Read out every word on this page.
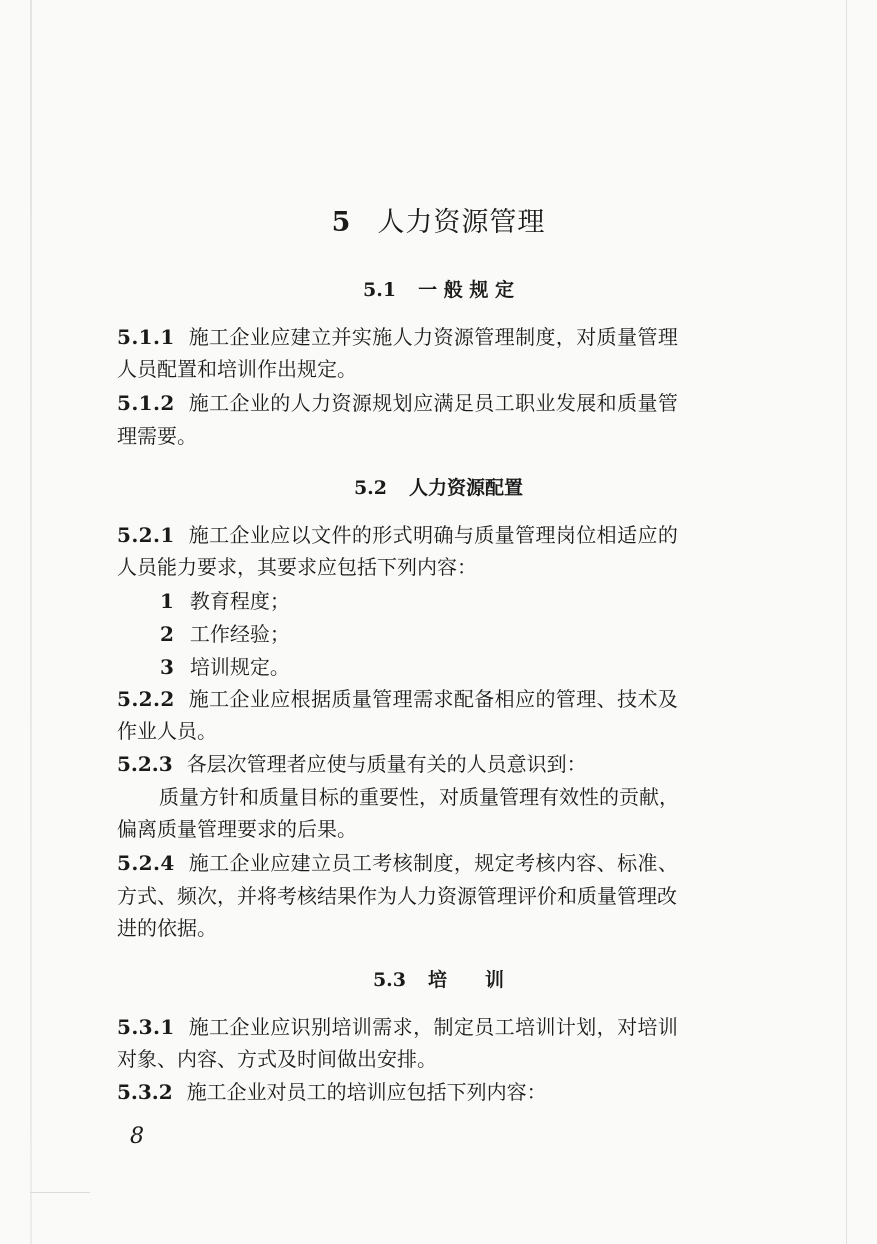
5 人力资源管理
5.1 一 般 规 定
5.1.1 施工企业应建立并实施人力资源管理制度，对质量管理
人员配置和培训作出规定。
5.1.2 施工企业的人力资源规划应满足员工职业发展和质量管
理需要。
5.2 人力资源配置
5.2.1 施工企业应以文件的形式明确与质量管理岗位相适应的
人员能力要求，其要求应包括下列内容：
1 教育程度；
2 工作经验；
3 培训规定。
5.2.2 施工企业应根据质量管理需求配备相应的管理、技术及
作业人员。
5.2.3 各层次管理者应使与质量有关的人员意识到：
质量方针和质量目标的重要性，对质量管理有效性的贡献，
偏离质量管理要求的后果。
5.2.4 施工企业应建立员工考核制度，规定考核内容、标准、
方式、频次，并将考核结果作为人力资源管理评价和质量管理改
进的依据。
5.3 培　　训
5.3.1 施工企业应识别培训需求，制定员工培训计划，对培训
对象、内容、方式及时间做出安排。
5.3.2 施工企业对员工的培训应包括下列内容：
8
